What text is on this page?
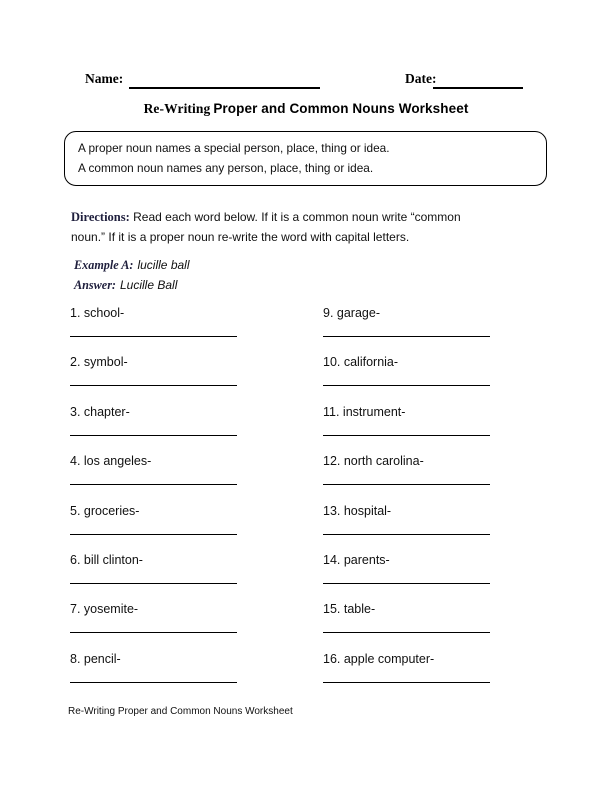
Name:	Date:
Re-Writing Proper and Common Nouns Worksheet
A proper noun names a special person, place, thing or idea.
A common noun names any person, place, thing or idea.
Directions: Read each word below. If it is a common noun write “common
noun.” If it is a proper noun re-write the word with capital letters.
Example A: lucille ball
Answer: Lucille Ball
1. school-
2. symbol-
3. chapter-
4. los angeles-
5. groceries-
6. bill clinton-
7. yosemite-
8. pencil-
9. garage-
10. california-
11. instrument-
12. north carolina-
13. hospital-
14. parents-
15. table-
16. apple computer-
Re-Writing Proper and Common Nouns Worksheet
